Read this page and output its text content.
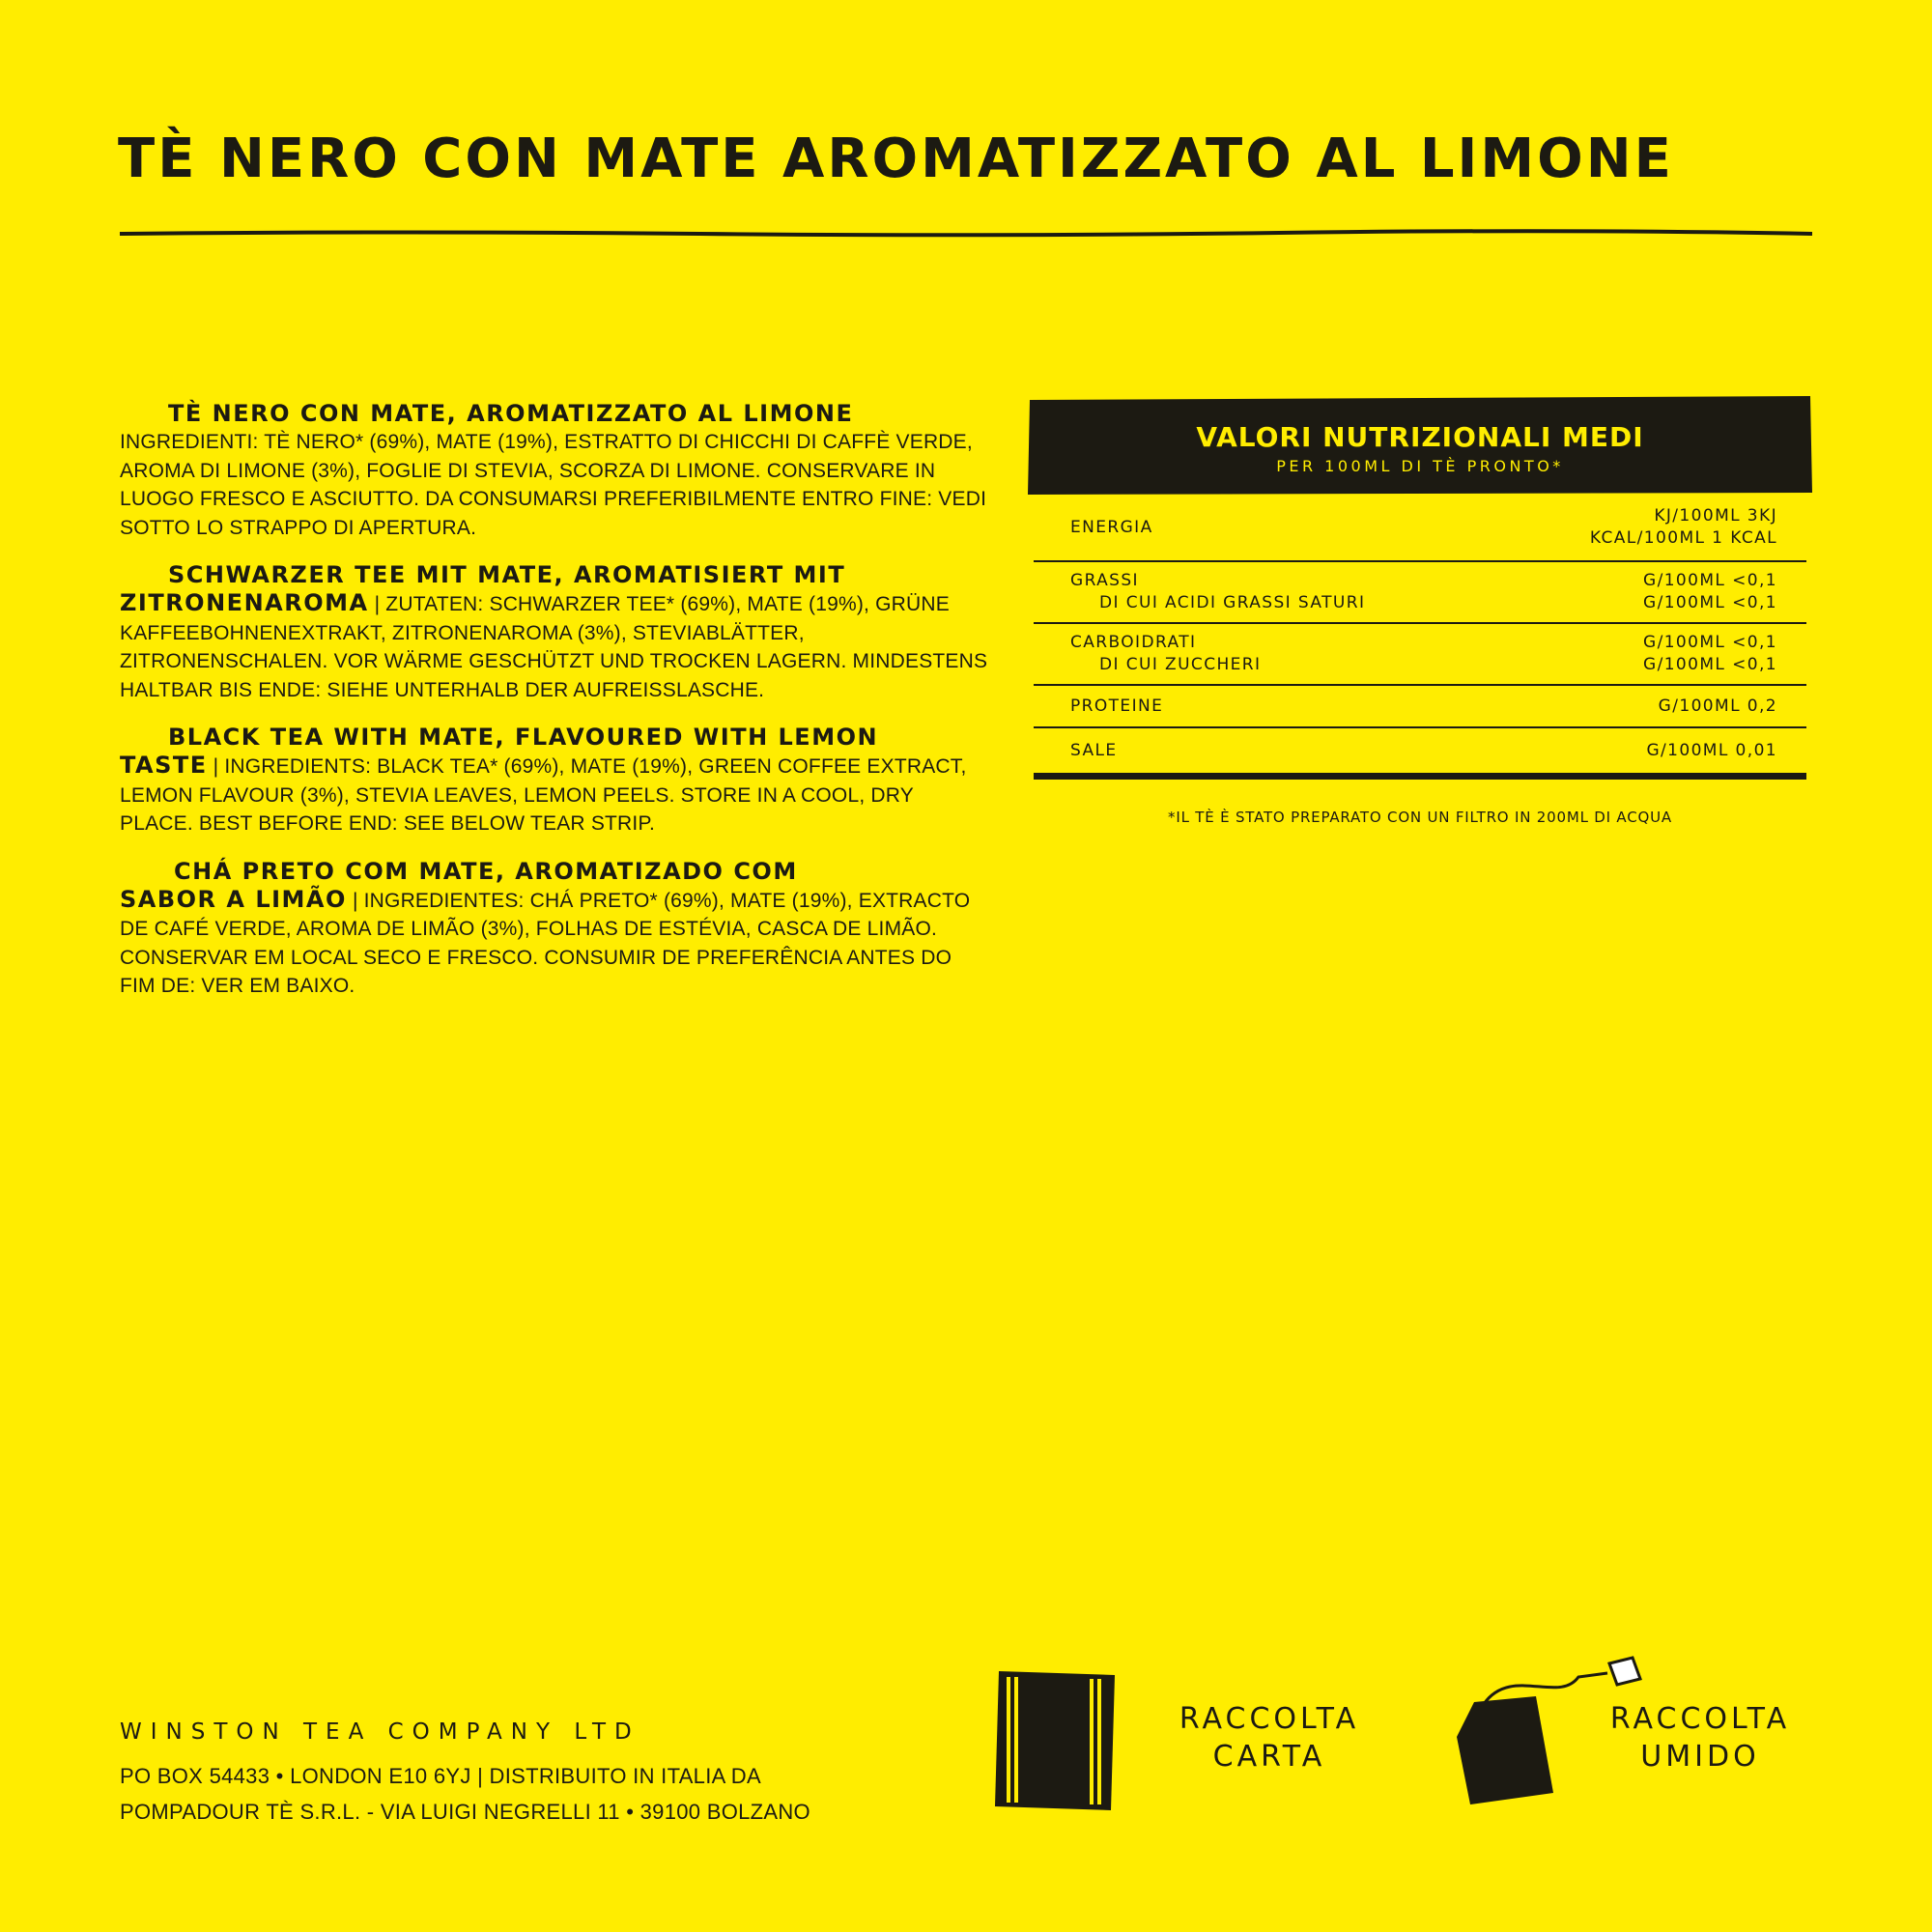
TÈ NERO CON MATE AROMATIZZATO AL LIMONE
TÈ NERO CON MATE, AROMATIZZATO AL LIMONE
INGREDIENTI: TÈ NERO* (69%), MATE (19%), ESTRATTO DI CHICCHI DI CAFFÈ VERDE, AROMA DI LIMONE (3%), FOGLIE DI STEVIA, SCORZA DI LIMONE. CONSERVARE IN LUOGO FRESCO E ASCIUTTO. DA CONSUMARSI PREFERIBILMENTE ENTRO FINE: VEDI SOTTO LO STRAPPO DI APERTURA.
SCHWARZER TEE MIT MATE, AROMATISIERT MIT
ZITRONENAROMA | ZUTATEN: SCHWARZER TEE* (69%), MATE (19%), GRÜNE KAFFEEBOHNENEXTRAKT, ZITRONENAROMA (3%), STEVIABLÄTTER, ZITRONENSCHALEN. VOR WÄRME GESCHÜTZT UND TROCKEN LAGERN. MINDESTENS HALTBAR BIS ENDE: SIEHE UNTERHALB DER AUFREISSLASCHE.
BLACK TEA WITH MATE, FLAVOURED WITH LEMON
TASTE | INGREDIENTS: BLACK TEA* (69%), MATE (19%), GREEN COFFEE EXTRACT, LEMON FLAVOUR (3%), STEVIA LEAVES, LEMON PEELS. STORE IN A COOL, DRY PLACE. BEST BEFORE END: SEE BELOW TEAR STRIP.
CHÁ PRETO COM MATE, AROMATIZADO COM
SABOR A LIMÃO | INGREDIENTES: CHÁ PRETO* (69%), MATE (19%), EXTRACTO DE CAFÉ VERDE, AROMA DE LIMÃO (3%), FOLHAS DE ESTÉVIA, CASCA DE LIMÃO. CONSERVAR EM LOCAL SECO E FRESCO. CONSUMIR DE PREFERÊNCIA ANTES DO FIM DE: VER EM BAIXO.
VALORI NUTRIZIONALI MEDI
PER 100ML DI TÈ PRONTO*
ENERGIA
KJ/100ML 3KJ
KCAL/100ML 1 KCAL
GRASSI
DI CUI ACIDI GRASSI SATURI
G/100ML <0,1
G/100ML <0,1
CARBOIDRATI
DI CUI ZUCCHERI
G/100ML <0,1
G/100ML <0,1
PROTEINE	G/100ML 0,2
SALE	G/100ML 0,01
*IL TÈ È STATO PREPARATO CON UN FILTRO IN 200ML DI ACQUA
WINSTON TEA COMPANY LTD
PO BOX 54433 • LONDON E10 6YJ | DISTRIBUITO IN ITALIA DA
POMPADOUR TÈ S.R.L. - VIA LUIGI NEGRELLI 11 • 39100 BOLZANO
RACCOLTA
CARTA
RACCOLTA
UMIDO
